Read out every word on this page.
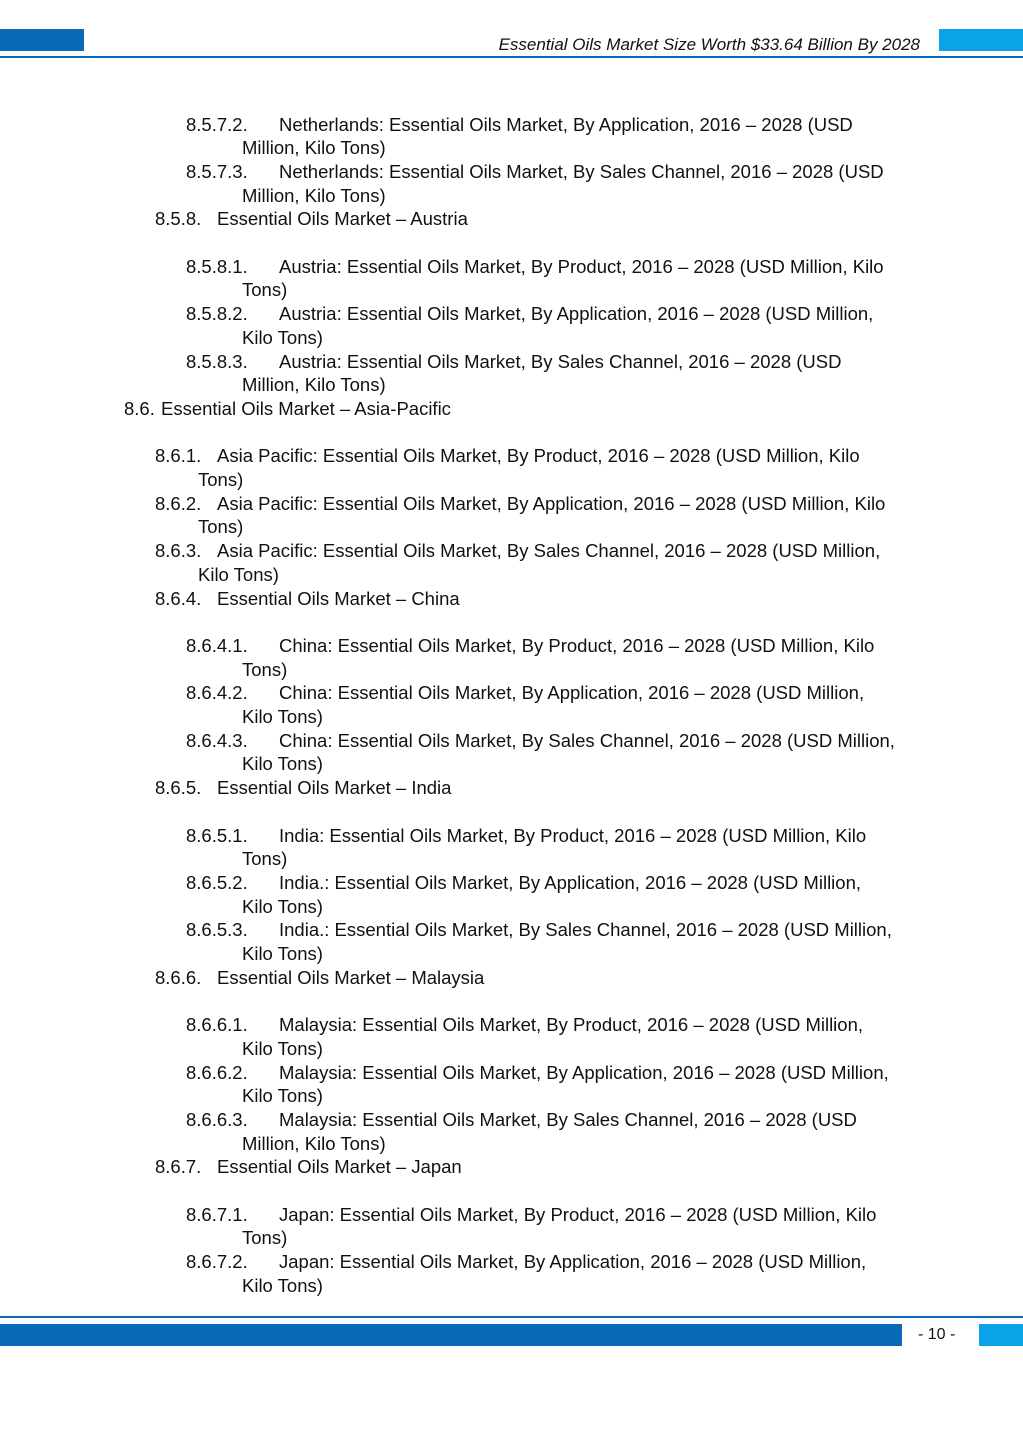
Essential Oils Market Size Worth $33.64 Billion By 2028
8.5.7.2. Netherlands: Essential Oils Market, By Application, 2016 – 2028 (USD
Million, Kilo Tons)
8.5.7.3. Netherlands: Essential Oils Market, By Sales Channel, 2016 – 2028 (USD
Million, Kilo Tons)
8.5.8. Essential Oils Market – Austria
8.5.8.1. Austria: Essential Oils Market, By Product, 2016 – 2028 (USD Million, Kilo
Tons)
8.5.8.2. Austria: Essential Oils Market, By Application, 2016 – 2028 (USD Million,
Kilo Tons)
8.5.8.3. Austria: Essential Oils Market, By Sales Channel, 2016 – 2028 (USD
Million, Kilo Tons)
8.6. Essential Oils Market – Asia-Pacific
8.6.1. Asia Pacific: Essential Oils Market, By Product, 2016 – 2028 (USD Million, Kilo
Tons)
8.6.2. Asia Pacific: Essential Oils Market, By Application, 2016 – 2028 (USD Million, Kilo
Tons)
8.6.3. Asia Pacific: Essential Oils Market, By Sales Channel, 2016 – 2028 (USD Million,
Kilo Tons)
8.6.4. Essential Oils Market – China
8.6.4.1. China: Essential Oils Market, By Product, 2016 – 2028 (USD Million, Kilo
Tons)
8.6.4.2. China: Essential Oils Market, By Application, 2016 – 2028 (USD Million,
Kilo Tons)
8.6.4.3. China: Essential Oils Market, By Sales Channel, 2016 – 2028 (USD Million,
Kilo Tons)
8.6.5. Essential Oils Market – India
8.6.5.1. India: Essential Oils Market, By Product, 2016 – 2028 (USD Million, Kilo
Tons)
8.6.5.2. India.: Essential Oils Market, By Application, 2016 – 2028 (USD Million,
Kilo Tons)
8.6.5.3. India.: Essential Oils Market, By Sales Channel, 2016 – 2028 (USD Million,
Kilo Tons)
8.6.6. Essential Oils Market – Malaysia
8.6.6.1. Malaysia: Essential Oils Market, By Product, 2016 – 2028 (USD Million,
Kilo Tons)
8.6.6.2. Malaysia: Essential Oils Market, By Application, 2016 – 2028 (USD Million,
Kilo Tons)
8.6.6.3. Malaysia: Essential Oils Market, By Sales Channel, 2016 – 2028 (USD
Million, Kilo Tons)
8.6.7. Essential Oils Market – Japan
8.6.7.1. Japan: Essential Oils Market, By Product, 2016 – 2028 (USD Million, Kilo
Tons)
8.6.7.2. Japan: Essential Oils Market, By Application, 2016 – 2028 (USD Million,
Kilo Tons)
- 10 -
